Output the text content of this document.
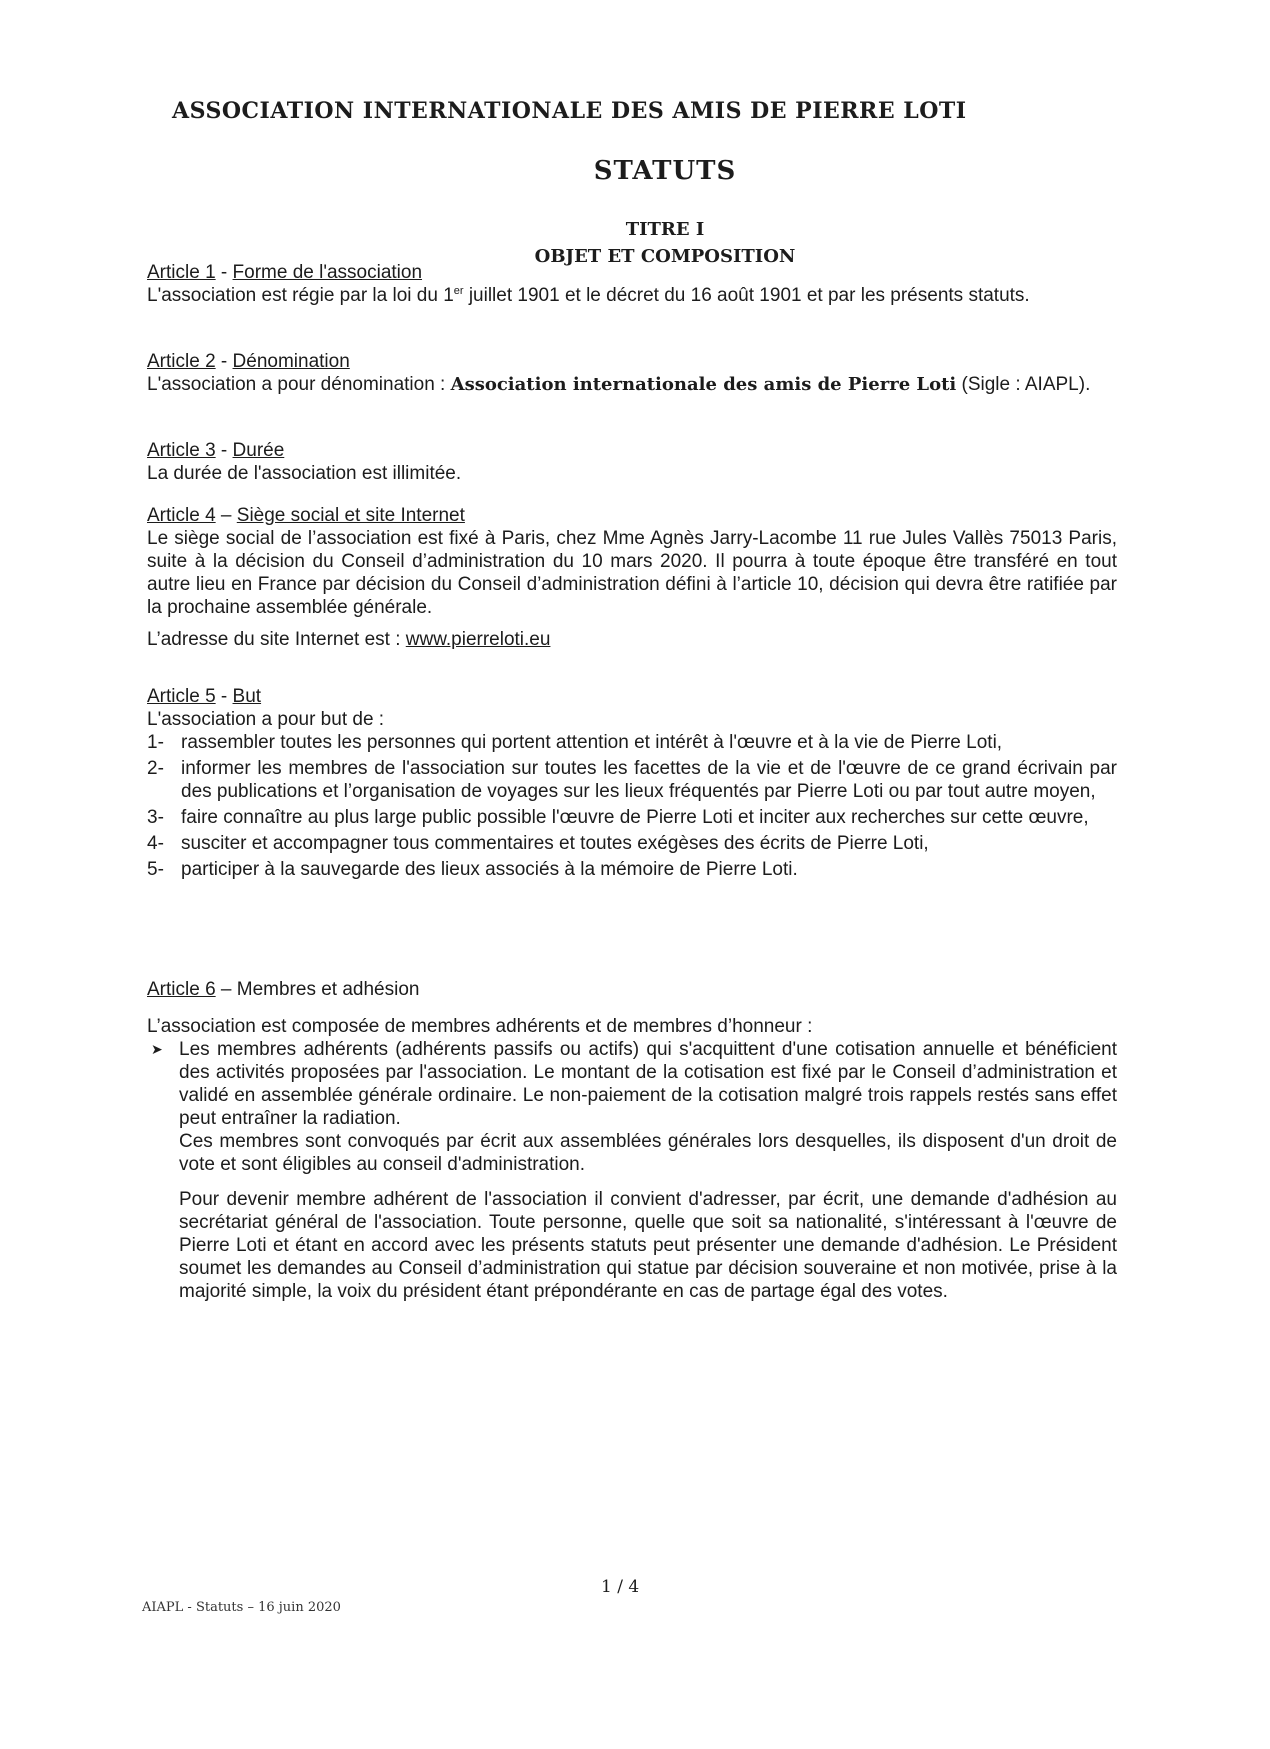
ASSOCIATION INTERNATIONALE DES AMIS DE PIERRE LOTI
STATUTS
TITRE I
OBJET ET COMPOSITION
Article 1 - Forme de l'association
L'association est régie par la loi du 1er juillet 1901 et le décret du 16 août 1901 et par les présents statuts.
Article 2 - Dénomination
L'association a pour dénomination : Association internationale des amis de Pierre Loti (Sigle : AIAPL).
Article 3 - Durée
La durée de l'association est illimitée.
Article 4 – Siège social et site Internet
Le siège social de l’association est fixé à Paris, chez Mme Agnès Jarry-Lacombe 11 rue Jules Vallès 75013 Paris, suite à la décision du Conseil d’administration du 10 mars 2020. Il pourra à toute époque être transféré en tout autre lieu en France par décision du Conseil d’administration défini à l’article 10, décision qui devra être ratifiée par la prochaine assemblée générale.
L’adresse du site Internet est : www.pierreloti.eu
Article 5 - But
L'association a pour but de :
1- rassembler toutes les personnes qui portent attention et intérêt à l'œuvre et à la vie de Pierre Loti,
2- informer les membres de l'association sur toutes les facettes de la vie et de l'œuvre de ce grand écrivain par des publications et l’organisation de voyages sur les lieux fréquentés par Pierre Loti ou par tout autre moyen,
3- faire connaître au plus large public possible l'œuvre de Pierre Loti et inciter aux recherches sur cette œuvre,
4- susciter et accompagner tous commentaires et toutes exégèses des écrits de Pierre Loti,
5- participer à la sauvegarde des lieux associés à la mémoire de Pierre Loti.
Article 6 – Membres et adhésion
L’association est composée de membres adhérents et de membres d’honneur :
➤ Les membres adhérents (adhérents passifs ou actifs) qui s'acquittent d'une cotisation annuelle et bénéficient des activités proposées par l'association. Le montant de la cotisation est fixé par le Conseil d’administration et validé en assemblée générale ordinaire. Le non-paiement de la cotisation malgré trois rappels restés sans effet peut entraîner la radiation.
Ces membres sont convoqués par écrit aux assemblées générales lors desquelles, ils disposent d'un droit de vote et sont éligibles au conseil d'administration.
Pour devenir membre adhérent de l'association il convient d'adresser, par écrit, une demande d'adhésion au secrétariat général de l'association. Toute personne, quelle que soit sa nationalité, s'intéressant à l'œuvre de Pierre Loti et étant en accord avec les présents statuts peut présenter une demande d'adhésion. Le Président soumet les demandes au Conseil d’administration qui statue par décision souveraine et non motivée, prise à la majorité simple, la voix du président étant prépondérante en cas de partage égal des votes.
1 / 4
AIAPL - Statuts – 16 juin 2020
